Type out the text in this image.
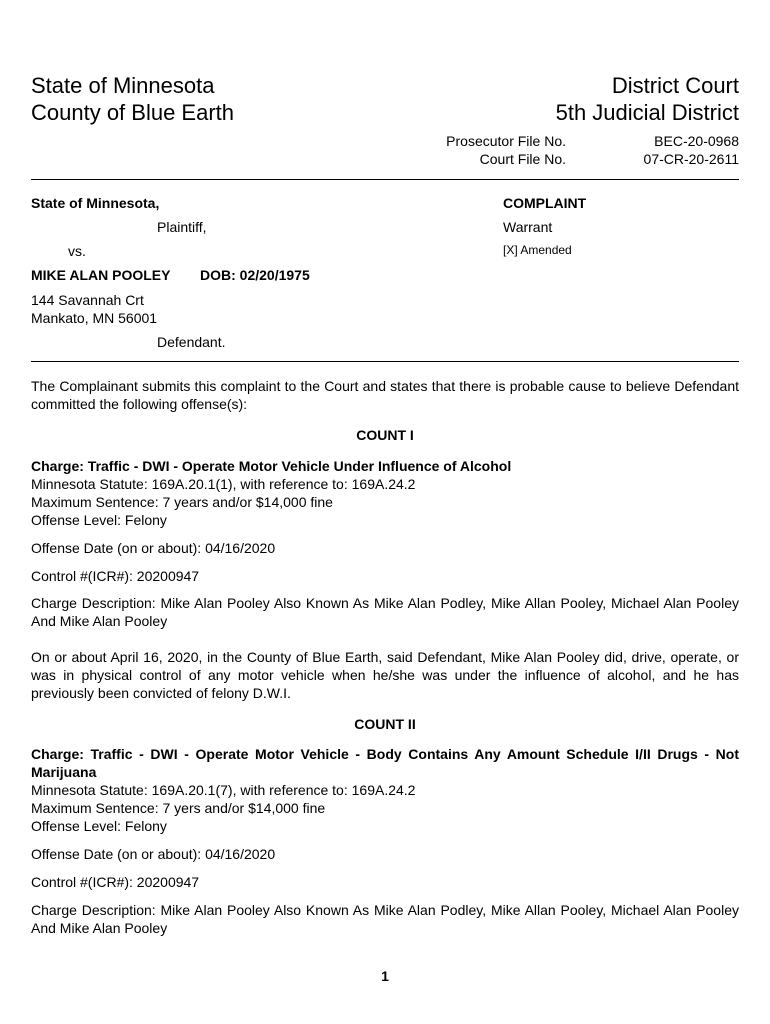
State of Minnesota
County of Blue Earth
District Court
5th Judicial District
Prosecutor File No.	BEC-20-0968
Court File No.	07-CR-20-2611
State of Minnesota,
Plaintiff,
vs.
MIKE ALAN POOLEY DOB: 02/20/1975
144 Savannah Crt
Mankato, MN 56001
Defendant.
COMPLAINT
Warrant
[X] Amended
The Complainant submits this complaint to the Court and states that there is probable cause to believe Defendant committed the following offense(s):
COUNT I
Charge: Traffic - DWI - Operate Motor Vehicle Under Influence of Alcohol
Minnesota Statute: 169A.20.1(1), with reference to: 169A.24.2
Maximum Sentence: 7 years and/or $14,000 fine
Offense Level: Felony
Offense Date (on or about): 04/16/2020
Control #(ICR#): 20200947
Charge Description: Mike Alan Pooley Also Known As Mike Alan Podley, Mike Allan Pooley, Michael Alan Pooley And Mike Alan Pooley
On or about April 16, 2020, in the County of Blue Earth, said Defendant, Mike Alan Pooley did, drive, operate, or was in physical control of any motor vehicle when he/she was under the influence of alcohol, and he has previously been convicted of felony D.W.I.
COUNT II
Charge: Traffic - DWI - Operate Motor Vehicle - Body Contains Any Amount Schedule I/II Drugs - Not Marijuana
Minnesota Statute: 169A.20.1(7), with reference to: 169A.24.2
Maximum Sentence: 7 yers and/or $14,000 fine
Offense Level: Felony
Offense Date (on or about): 04/16/2020
Control #(ICR#): 20200947
Charge Description: Mike Alan Pooley Also Known As Mike Alan Podley, Mike Allan Pooley, Michael Alan Pooley And Mike Alan Pooley
1
